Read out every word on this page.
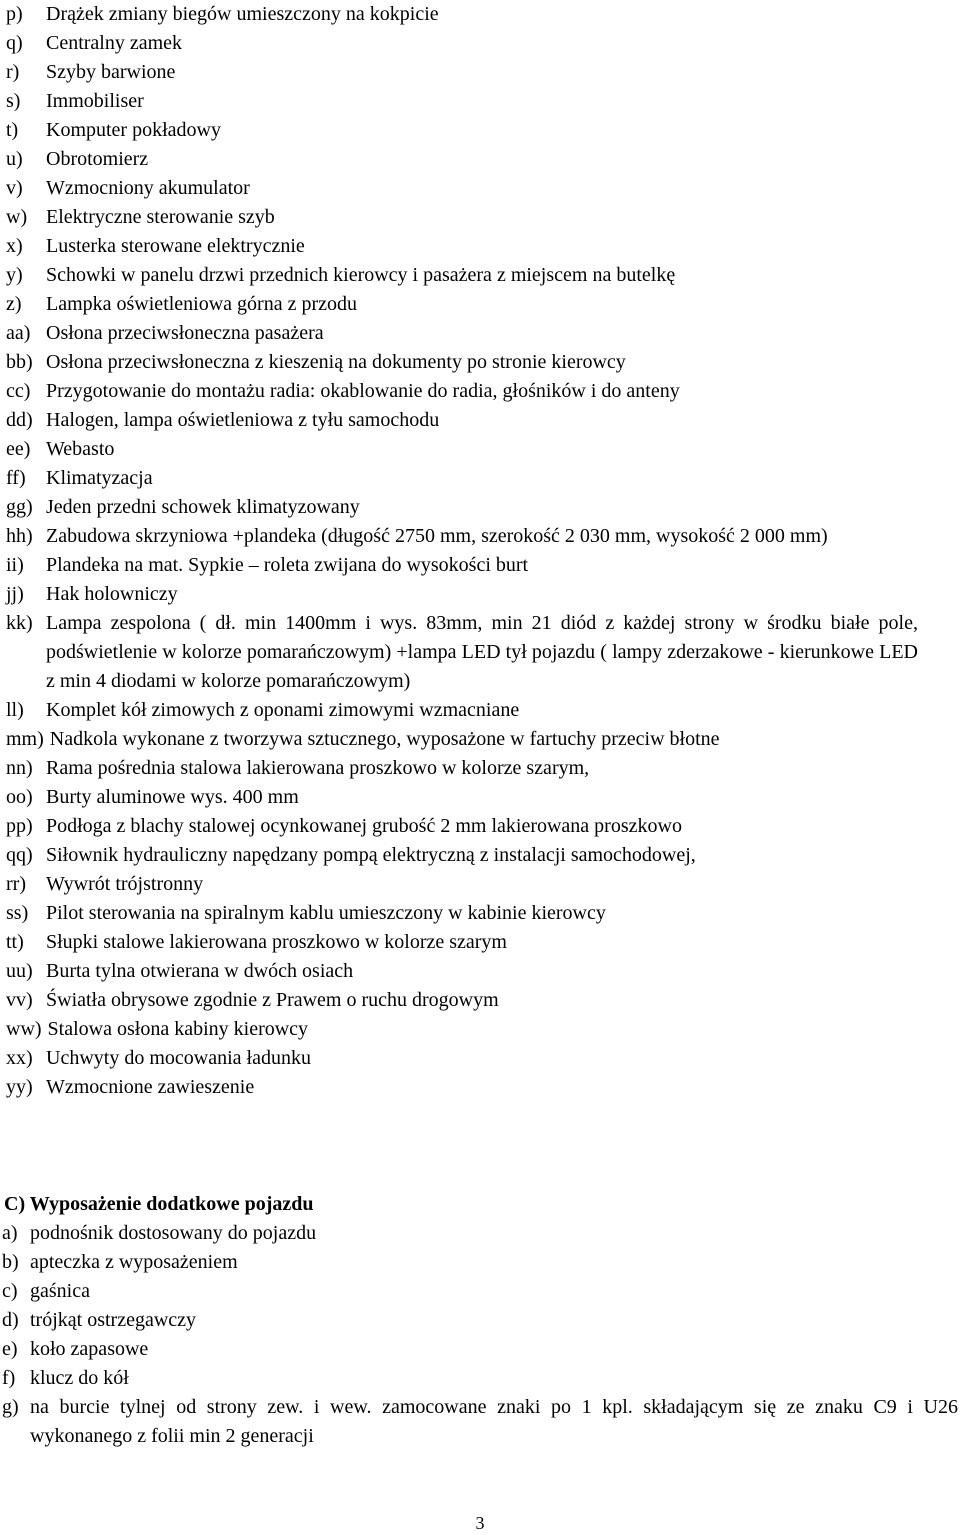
p)	Drążek zmiany biegów umieszczony na kokpicie
q)	Centralny zamek
r)	Szyby barwione
s)	Immobiliser
t)	Komputer pokładowy
u)	Obrotomierz
v)	Wzmocniony akumulator
w) Elektryczne sterowanie szyb
x)	Lusterka sterowane elektrycznie
y)	Schowki w panelu drzwi przednich kierowcy i pasażera z miejscem na butelkę
z)	Lampka oświetleniowa górna z przodu
aa) Osłona przeciwsłoneczna pasażera
bb) Osłona przeciwsłoneczna z kieszenią na dokumenty po stronie kierowcy
cc) Przygotowanie do montażu radia: okablowanie do radia, głośników i do anteny
dd) Halogen, lampa oświetleniowa z tyłu samochodu
ee) Webasto
ff)	Klimatyzacja
gg) Jeden przedni schowek klimatyzowany
hh) Zabudowa skrzyniowa +plandeka (długość 2750 mm, szerokość 2 030 mm, wysokość 2 000 mm)
ii)	Plandeka na mat. Sypkie – roleta zwijana do wysokości burt
jj)	Hak holowniczy
kk) Lampa zespolona ( dł. min 1400mm i wys. 83mm, min 21 diód z każdej strony w środku białe pole, podświetlenie w kolorze pomarańczowym) +lampa LED tył pojazdu ( lampy zderzakowe - kierunkowe LED z min 4 diodami w kolorze pomarańczowym)
ll)	Komplet kół zimowych z oponami zimowymi wzmacniane
mm) Nadkola wykonane z tworzywa sztucznego, wyposażone w fartuchy przeciw błotne
nn) Rama pośrednia stalowa lakierowana proszkowo w kolorze szarym,
oo) Burty aluminowe wys. 400 mm
pp) Podłoga z blachy stalowej ocynkowanej grubość 2 mm lakierowana proszkowo
qq) Siłownik hydrauliczny napędzany pompą elektryczną z instalacji samochodowej,
rr)	Wywrót trójstronny
ss) Pilot sterowania na spiralnym kablu umieszczony w kabinie kierowcy
tt)	Słupki stalowe lakierowana proszkowo w kolorze szarym
uu) Burta tylna otwierana w dwóch osiach
vv) Światła obrysowe zgodnie z Prawem o ruchu drogowym
ww) Stalowa osłona kabiny kierowcy
xx) Uchwyty do mocowania ładunku
yy) Wzmocnione zawieszenie
C) Wyposażenie dodatkowe pojazdu
a) podnośnik dostosowany do pojazdu
b) apteczka z wyposażeniem
c) gaśnica
d) trójkąt ostrzegawczy
e) koło zapasowe
f) klucz do kół
g) na burcie tylnej od strony zew. i wew. zamocowane znaki po 1 kpl. składającym się ze znaku C9 i U26 wykonanego z folii min 2 generacji
3
